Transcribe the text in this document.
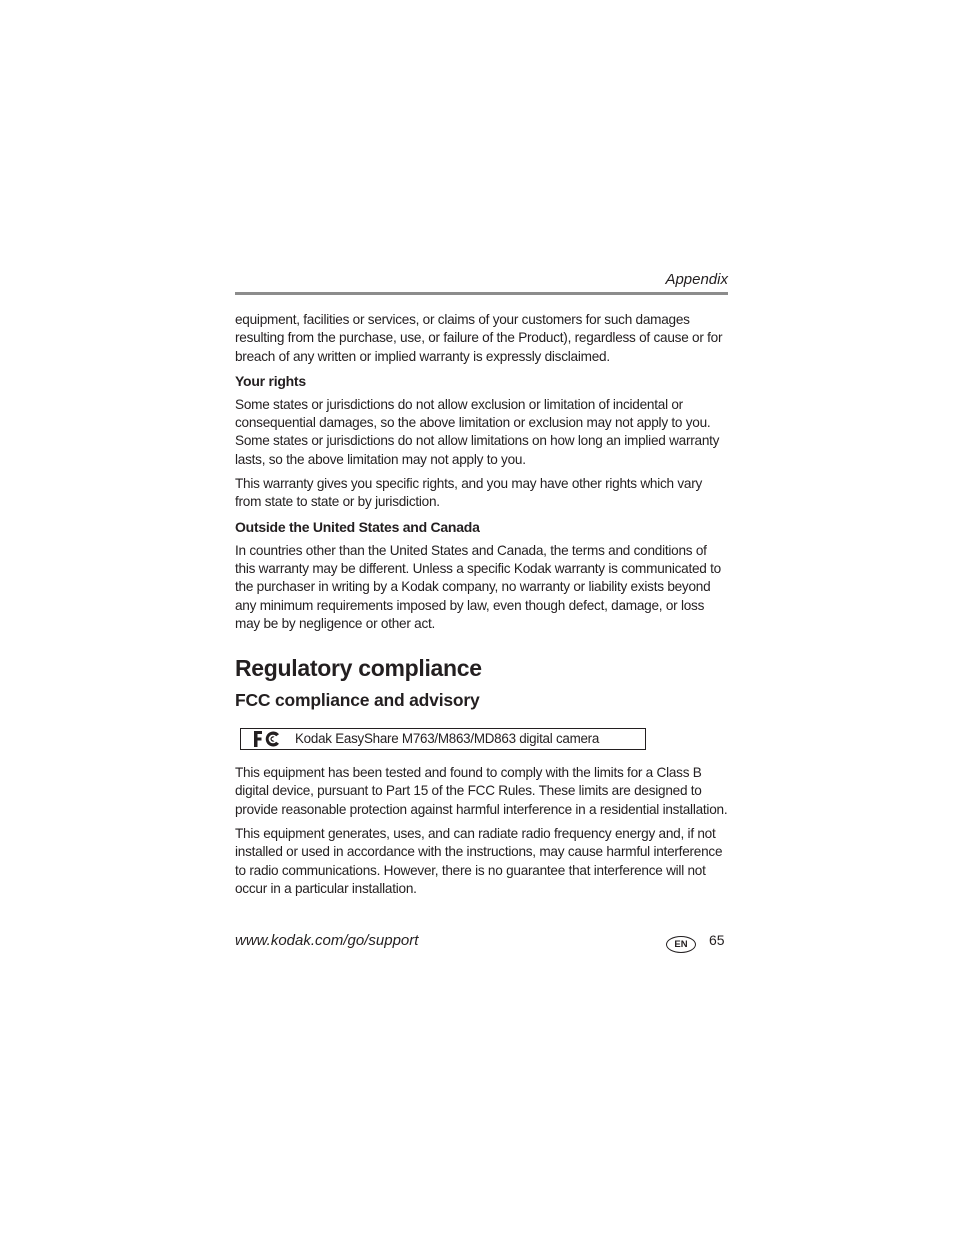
Appendix

equipment, facilities or services, or claims of your customers for such damages resulting from the purchase, use, or failure of the Product), regardless of cause or for breach of any written or implied warranty is expressly disclaimed.

Your rights

Some states or jurisdictions do not allow exclusion or limitation of incidental or consequential damages, so the above limitation or exclusion may not apply to you. Some states or jurisdictions do not allow limitations on how long an implied warranty lasts, so the above limitation may not apply to you.

This warranty gives you specific rights, and you may have other rights which vary from state to state or by jurisdiction.

Outside the United States and Canada

In countries other than the United States and Canada, the terms and conditions of this warranty may be different. Unless a specific Kodak warranty is communicated to the purchaser in writing by a Kodak company, no warranty or liability exists beyond any minimum requirements imposed by law, even though defect, damage, or loss may be by negligence or other act.

Regulatory compliance
FCC compliance and advisory
Kodak EasyShare M763/M863/MD863 digital camera

This equipment has been tested and found to comply with the limits for a Class B digital device, pursuant to Part 15 of the FCC Rules. These limits are designed to provide reasonable protection against harmful interference in a residential installation.

This equipment generates, uses, and can radiate radio frequency energy and, if not installed or used in accordance with the instructions, may cause harmful interference to radio communications. However, there is no guarantee that interference will not occur in a particular installation.

www.kodak.com/go/support	EN	65
